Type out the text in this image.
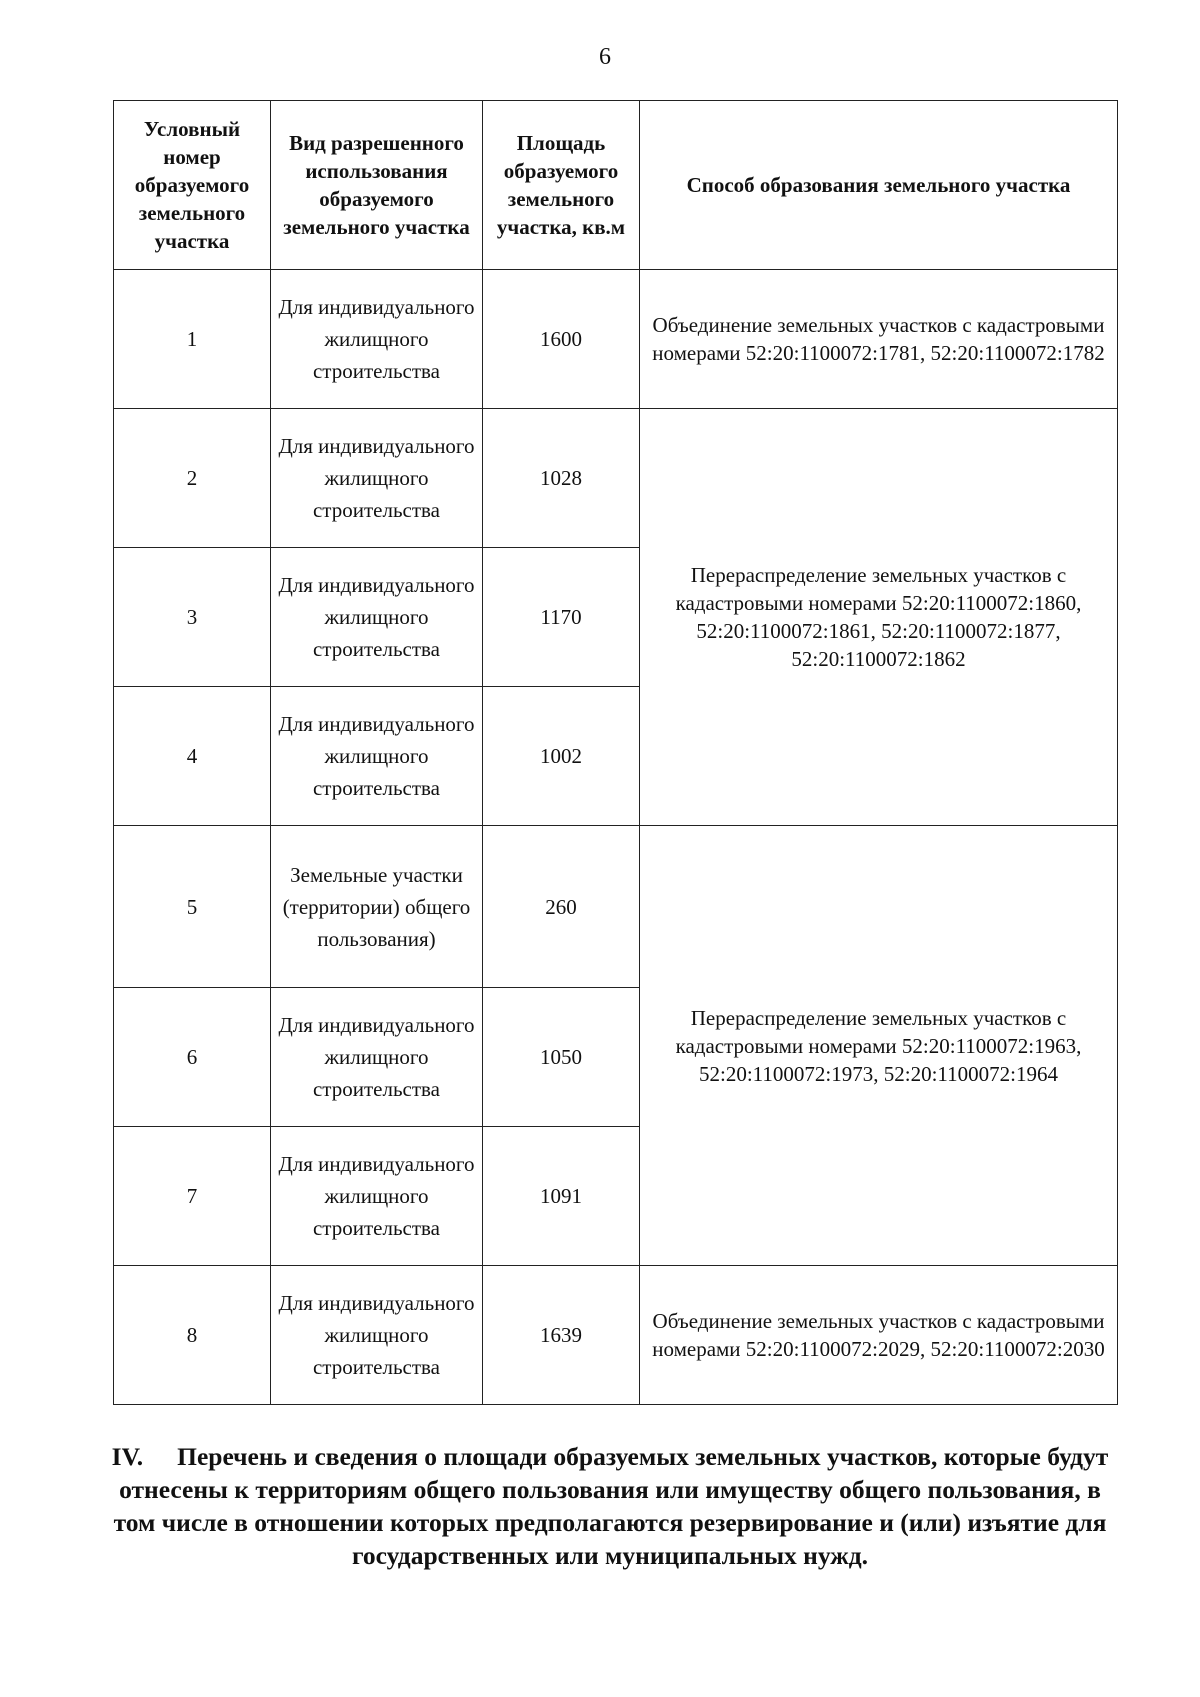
6
Условный номер образуемого земельного участка	Вид разрешенного использования образуемого земельного участка	Площадь образуемого земельного участка, кв.м	Способ образования земельного участка
1	Для индивидуального жилищного строительства	1600	Объединение земельных участков с кадастровыми номерами 52:20:1100072:1781, 52:20:1100072:1782
2	Для индивидуального жилищного строительства	1028	Перераспределение земельных участков с кадастровыми номерами 52:20:1100072:1860, 52:20:1100072:1861, 52:20:1100072:1877, 52:20:1100072:1862
3	Для индивидуального жилищного строительства	1170	
4	Для индивидуального жилищного строительства	1002	
5	Земельные участки (территории) общего пользования)	260	Перераспределение земельных участков с кадастровыми номерами 52:20:1100072:1963, 52:20:1100072:1973, 52:20:1100072:1964
6	Для индивидуального жилищного строительства	1050	
7	Для индивидуального жилищного строительства	1091	
8	Для индивидуального жилищного строительства	1639	Объединение земельных участков с кадастровыми номерами 52:20:1100072:2029, 52:20:1100072:2030
IV. Перечень и сведения о площади образуемых земельных участков, которые будут отнесены к территориям общего пользования или имуществу общего пользования, в том числе в отношении которых предполагаются резервирование и (или) изъятие для государственных или муниципальных нужд.
